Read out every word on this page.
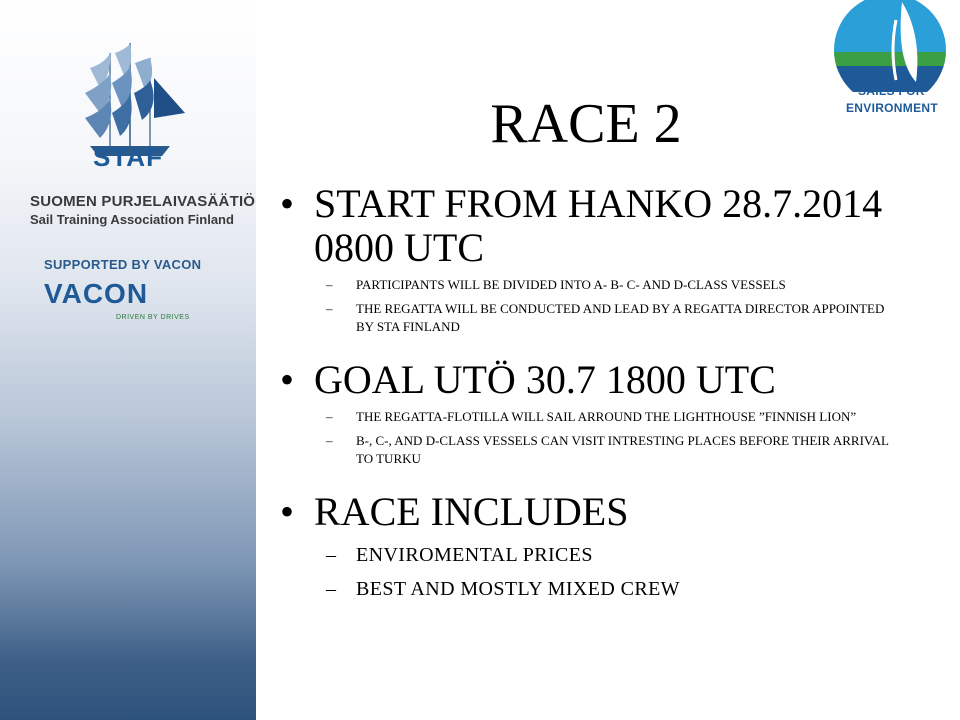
STAF
SUOMEN PURJELAIVASÄÄTIÖ
Sail Training Association Finland
SUPPORTED BY VACON
VACON
DRIVEN BY DRIVES
SAILS FOR
ENVIRONMENT
RACE 2
• START FROM HANKO 28.7.2014 0800 UTC
– PARTICIPANTS WILL BE DIVIDED INTO A- B- C- AND D-CLASS VESSELS
– THE REGATTA WILL BE CONDUCTED AND LEAD BY A REGATTA DIRECTOR APPOINTED BY STA FINLAND
• GOAL UTÖ 30.7 1800 UTC
– THE REGATTA-FLOTILLA WILL SAIL ARROUND THE LIGHTHOUSE ”FINNISH LION”
– B-, C-, AND D-CLASS VESSELS CAN VISIT INTRESTING PLACES BEFORE THEIR ARRIVAL TO TURKU
• RACE INCLUDES
– ENVIROMENTAL PRICES
– BEST AND MOSTLY MIXED CREW
